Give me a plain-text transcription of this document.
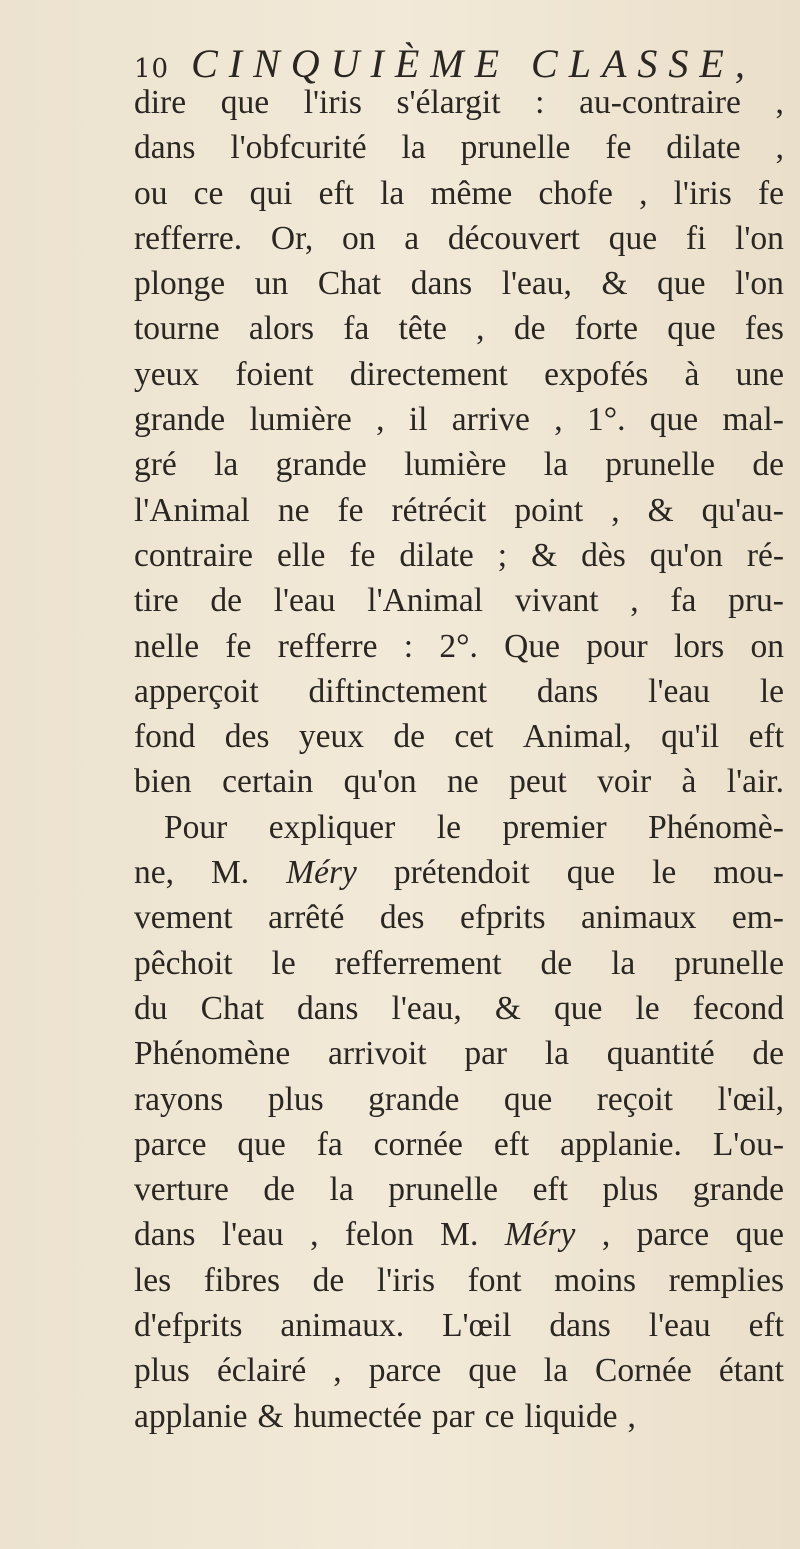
10 CINQUIÈME CLASSE,
dire que l'iris s'élargit : au-contraire ,
dans l'obfcurité la prunelle fe dilate ,
ou ce qui eft la même chofe , l'iris fe
refferre. Or, on a découvert que fi l'on
plonge un Chat dans l'eau, & que l'on
tourne alors fa tête , de forte que fes
yeux foient directement expofés à une
grande lumière , il arrive , 1°. que mal-
gré la grande lumière la prunelle de
l'Animal ne fe rétrécit point , & qu'au-
contraire elle fe dilate ; & dès qu'on ré-
tire de l'eau l'Animal vivant , fa pru-
nelle fe refferre : 2°. Que pour lors on
apperçoit diftinctement dans l'eau le
fond des yeux de cet Animal, qu'il eft
bien certain qu'on ne peut voir à l'air.
Pour expliquer le premier Phénomè-
ne, M. Méry prétendoit que le mou-
vement arrêté des efprits animaux em-
pêchoit le refferrement de la prunelle
du Chat dans l'eau, & que le fecond
Phénomène arrivoit par la quantité de
rayons plus grande que reçoit l'œil,
parce que fa cornée eft applanie. L'ou-
verture de la prunelle eft plus grande
dans l'eau , felon M. Méry , parce que
les fibres de l'iris font moins remplies
d'efprits animaux. L'œil dans l'eau eft
plus éclairé , parce que la Cornée étant
applanie & humectée par ce liquide ,
